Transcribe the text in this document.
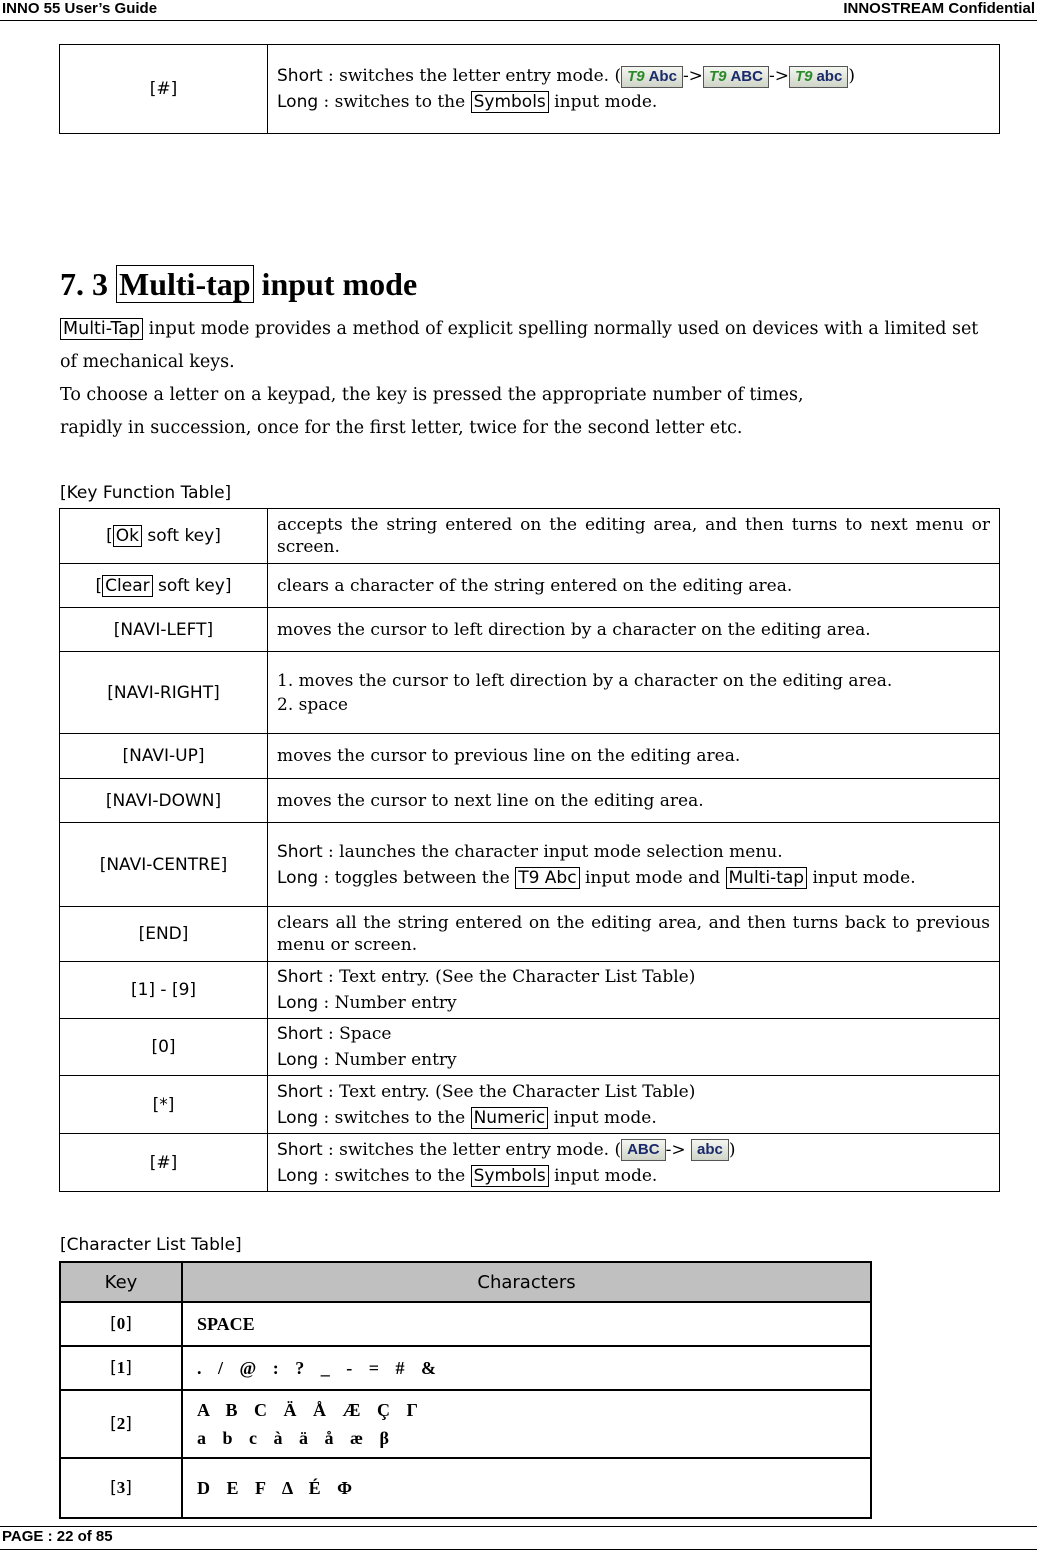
INNO 55 User’s Guide	INNOSTREAM Confidential
[#]	Short : switches the letter entry mode. ( T9 Abc -> T9 ABC -> T9 abc )
Long : switches to the Symbols input mode.
7. 3 Multi-tap input mode
Multi-Tap input mode provides a method of explicit spelling normally used on devices with a limited set of mechanical keys.
To choose a letter on a keypad, the key is pressed the appropriate number of times,
rapidly in succession, once for the first letter, twice for the second letter etc.
[Key Function Table]
[ Ok soft key]	accepts the string entered on the editing area, and then turns to next menu or screen.
[ Clear soft key]	clears a character of the string entered on the editing area.
[NAVI-LEFT]	moves the cursor to left direction by a character on the editing area.
[NAVI-RIGHT]	1. moves the cursor to left direction by a character on the editing area.
2. space
[NAVI-UP]	moves the cursor to previous line on the editing area.
[NAVI-DOWN]	moves the cursor to next line on the editing area.
[NAVI-CENTRE]	Short : launches the character input mode selection menu.
Long : toggles between the T9 Abc input mode and Multi-tap input mode.
[END]	clears all the string entered on the editing area, and then turns back to previous menu or screen.
[1] - [9]	Short : Text entry. (See the Character List Table)
Long : Number entry
[0]	Short : Space
Long : Number entry
[*]	Short : Text entry. (See the Character List Table)
Long : switches to the Numeric input mode.
[#]	Short : switches the letter entry mode. ( ABC -> abc )
Long : switches to the Symbols input mode.
[Character List Table]
Key	Characters
[0]	SPACE
[1]	. / @ : ? _ - = # &
[2]	A B C Ä Å Æ Ç Γ
a b c à ä å æ β
[3]	D E F Δ É Φ
PAGE : 22 of 85
